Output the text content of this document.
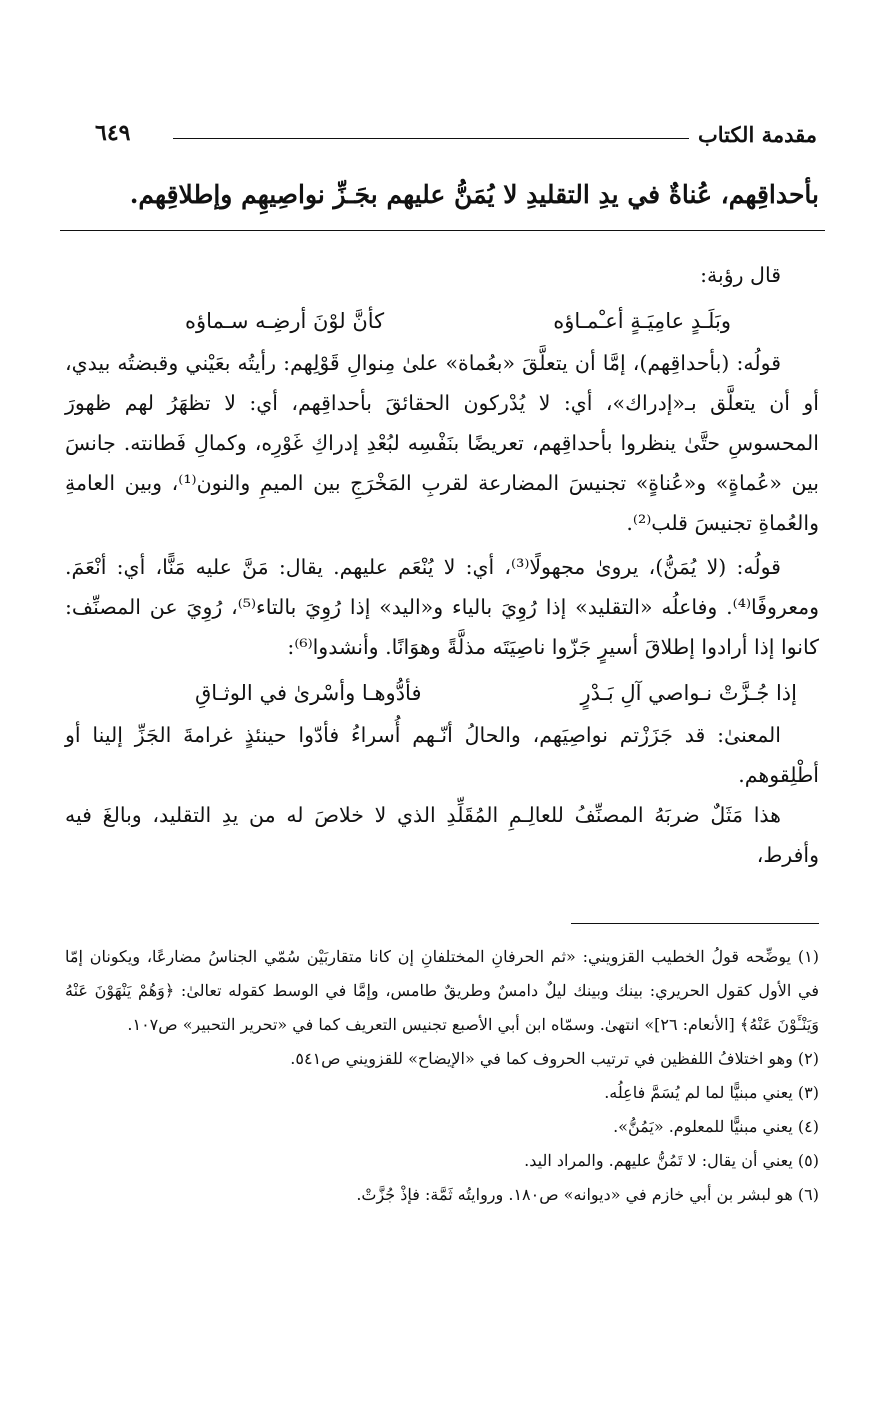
مقدمة الكتاب
٦٤٩
بأحداقِهم، عُناةٌ في يدِ التقليدِ لا يُمَنُّ عليهم بجَـزِّ نواصِيهِم وإطلاقِهم.

قال رؤبة:

وبَلَـدٍ عامِيَـةٍ أعـْمـاؤه
كأنَّ لوْنَ أرضِـه سـماؤه

قولُه: (بأحداقِهم)، إمَّا أن يتعلَّقَ «بعُماة» علىٰ مِنوالِ قَوْلِهم: رأيتُه بعَيْني وقبضتُه بيدي، أو أن يتعلَّق بـ«إدراك»، أي: لا يُدْركون الحقائقَ بأحداقِهم، أي: لا تظهَرُ لهم ظهورَ المحسوسِ حتَّىٰ ينظروا بأحداقِهم، تعريضًا بنَفْسِه لبُعْدِ إدراكِ غَوْرِه، وكمالِ فَطانته. جانسَ بين «عُماةٍ» و«عُناةٍ» تجنيسَ المضارعة لقربِ المَخْرَجِ بين الميمِ والنون⁽¹⁾، وبين العامةِ والعُماةِ تجنيسَ قلب⁽²⁾.

قولُه: (لا يُمَنُّ)، يروىٰ مجهولًا⁽³⁾، أي: لا يُنْعَم عليهم. يقال: مَنَّ عليه مَنًّا، أي: أنْعَمَ. ومعروفًا⁽⁴⁾. وفاعلُه «التقليد» إذا رُوِيَ بالياء و«اليد» إذا رُوِيَ بالتاء⁽⁵⁾، رُوِيَ عن المصنِّف: كانوا إذا أرادوا إطلاقَ أسيرٍ جَزّوا ناصِيَتَه مذلَّةً وهوَانًا. وأنشدوا⁽⁶⁾:

إذا جُـزَّتْ نـواصي آلِ بَـدْرٍ
فأدُّوهـا وأسْرىٰ في الوثـاقِ

المعنىٰ: قد جَزَزْتم نواصِيَهم، والحالُ أنّـهم أُسراءُ فأدّوا حينئذٍ غرامةَ الجَزِّ إلينا أو أطْلِقوهم.

هذا مَثَلٌ ضربَهُ المصنِّفُ للعالِـمِ المُقَلِّدِ الذي لا خلاصَ له من يدِ التقليد، وبالغَ فيه وأفرط،

(١) يوضِّحه قولُ الخطيب القزويني: «ثم الحرفانِ المختلفانِ إن كانا متقاربَيْن سُمّي الجناسُ مضارعًا، ويكونان إمّا في الأول كقول الحريري: بينك وبينك ليلٌ دامسٌ وطريقٌ طامس، وإمَّا في الوسط كقوله تعالىٰ: ﴿وَهُمْ يَنْهَوْنَ عَنْهُ وَيَنْـَٔوْنَ عَنْهُ﴾ [الأنعام: ٢٦]» انتهىٰ. وسمّاه ابن أبي الأصبع تجنيس التعريف كما في «تحرير التحبير» ص١٠٧.

(٢) وهو اختلافُ اللفظين في ترتيب الحروف كما في «الإيضاح» للقزويني ص٥٤١.

(٣) يعني مبنيًّا لما لم يُسَمَّ فاعِلُه.

(٤) يعني مبنيًّا للمعلوم. «يَمُنُّ».

(٥) يعني أن يقال: لا تَمُنُّ عليهم. والمراد اليد.

(٦) هو لبشر بن أبي خازم في «ديوانه» ص١٨٠. وروايتُه ثَمَّة: فإذْ جُزَّتْ.
